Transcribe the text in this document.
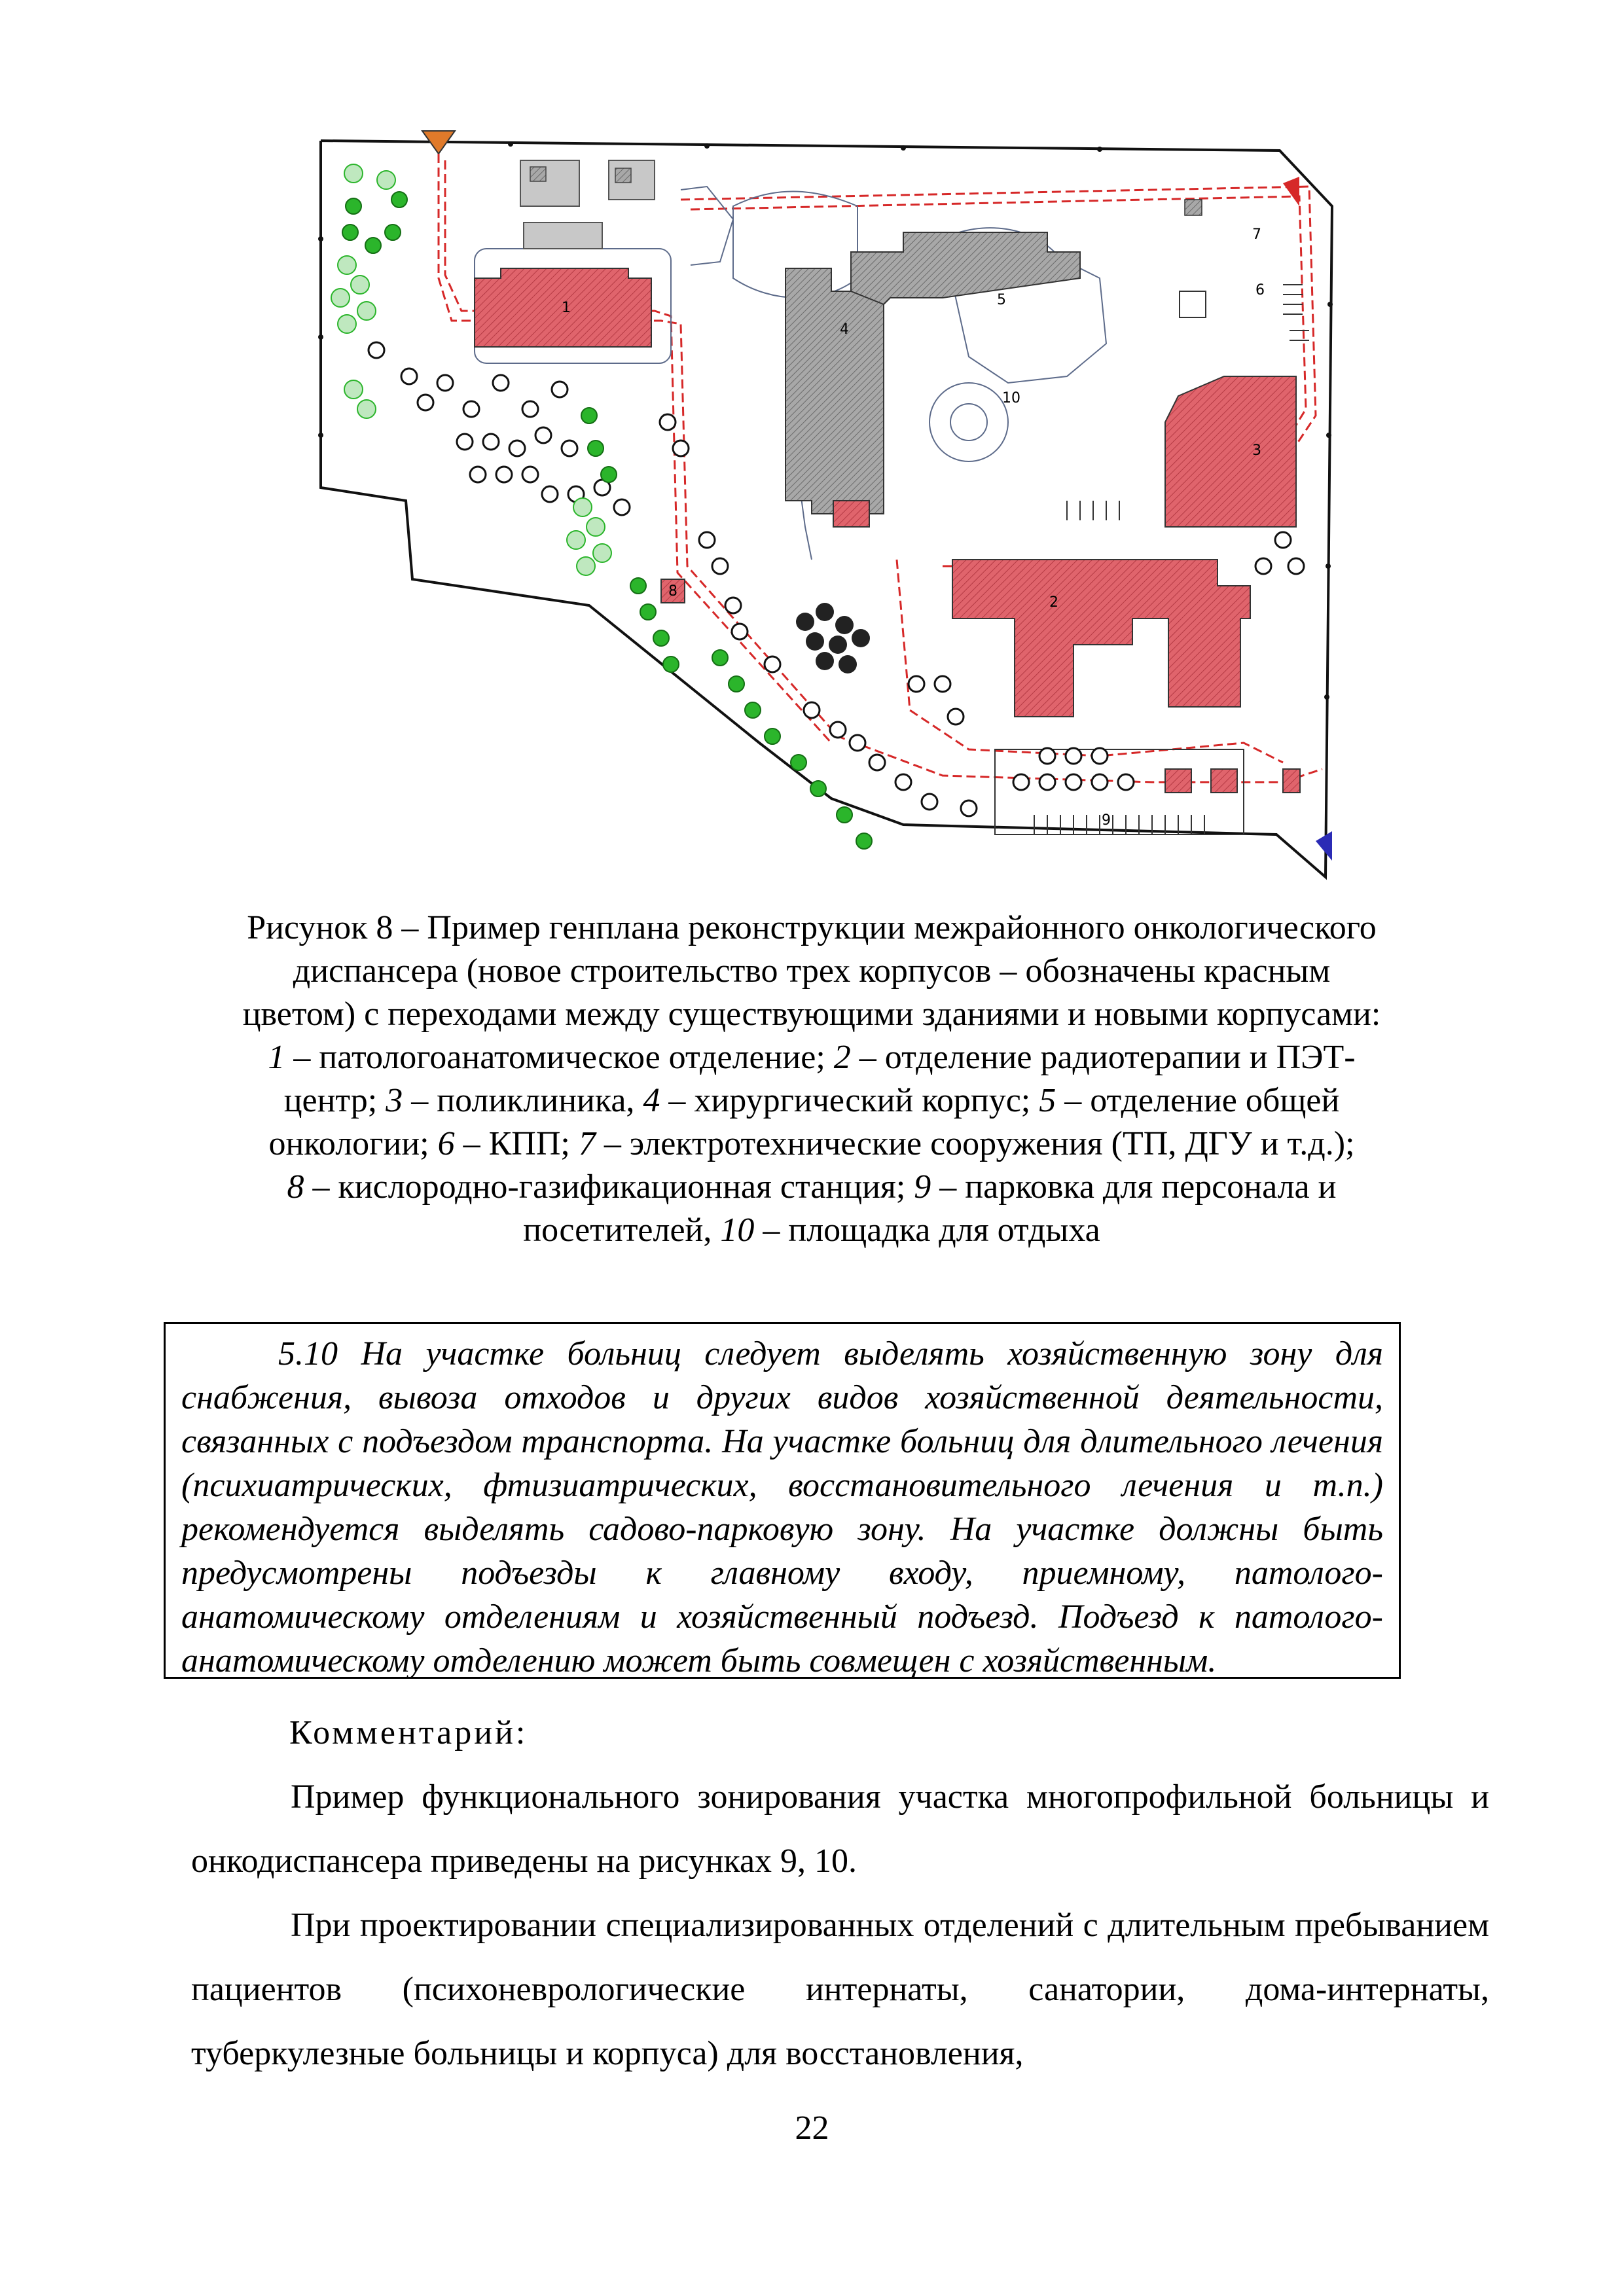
1
2
3
4
5
6
7
8
9
10
Рисунок 8 – Пример генплана реконструкции межрайонного онкологического
диспансера (новое строительство трех корпусов – обозначены красным
цветом) с переходами между существующими зданиями и новыми корпусами:
1 – патологоанатомическое отделение; 2 – отделение радиотерапии и ПЭТ-
центр; 3 – поликлиника, 4 – хирургический корпус; 5 – отделение общей
онкологии; 6 – КПП; 7 – электротехнические сооружения (ТП, ДГУ и т.д.);
8 – кислородно-газификационная станция; 9 – парковка для персонала и
посетителей, 10 – площадка для отдыха

5.10 На участке больниц следует выделять хозяйственную зону для снабжения, вывоза отходов и других видов хозяйственной деятельности, связанных с подъездом транспорта. На участке больниц для длительного лечения (психиатрических, фтизиатрических, восстановительного лечения и т.п.) рекомендуется выделять садово-парковую зону. На участке должны быть предусмотрены подъезды к главному входу, приемному, патолого-анатомическому отделениям и хозяйственный подъезд. Подъезд к патолого-анатомическому отделению может быть совмещен с хозяйственным.

Комментарий:

Пример функционального зонирования участка многопрофильной больницы и онкодиспансера приведены на рисунках 9, 10.

При проектировании специализированных отделений с длительным пребыванием пациентов (психоневрологические интернаты, санатории, дома-интернаты, туберкулезные больницы и корпуса) для восстановления,

22
